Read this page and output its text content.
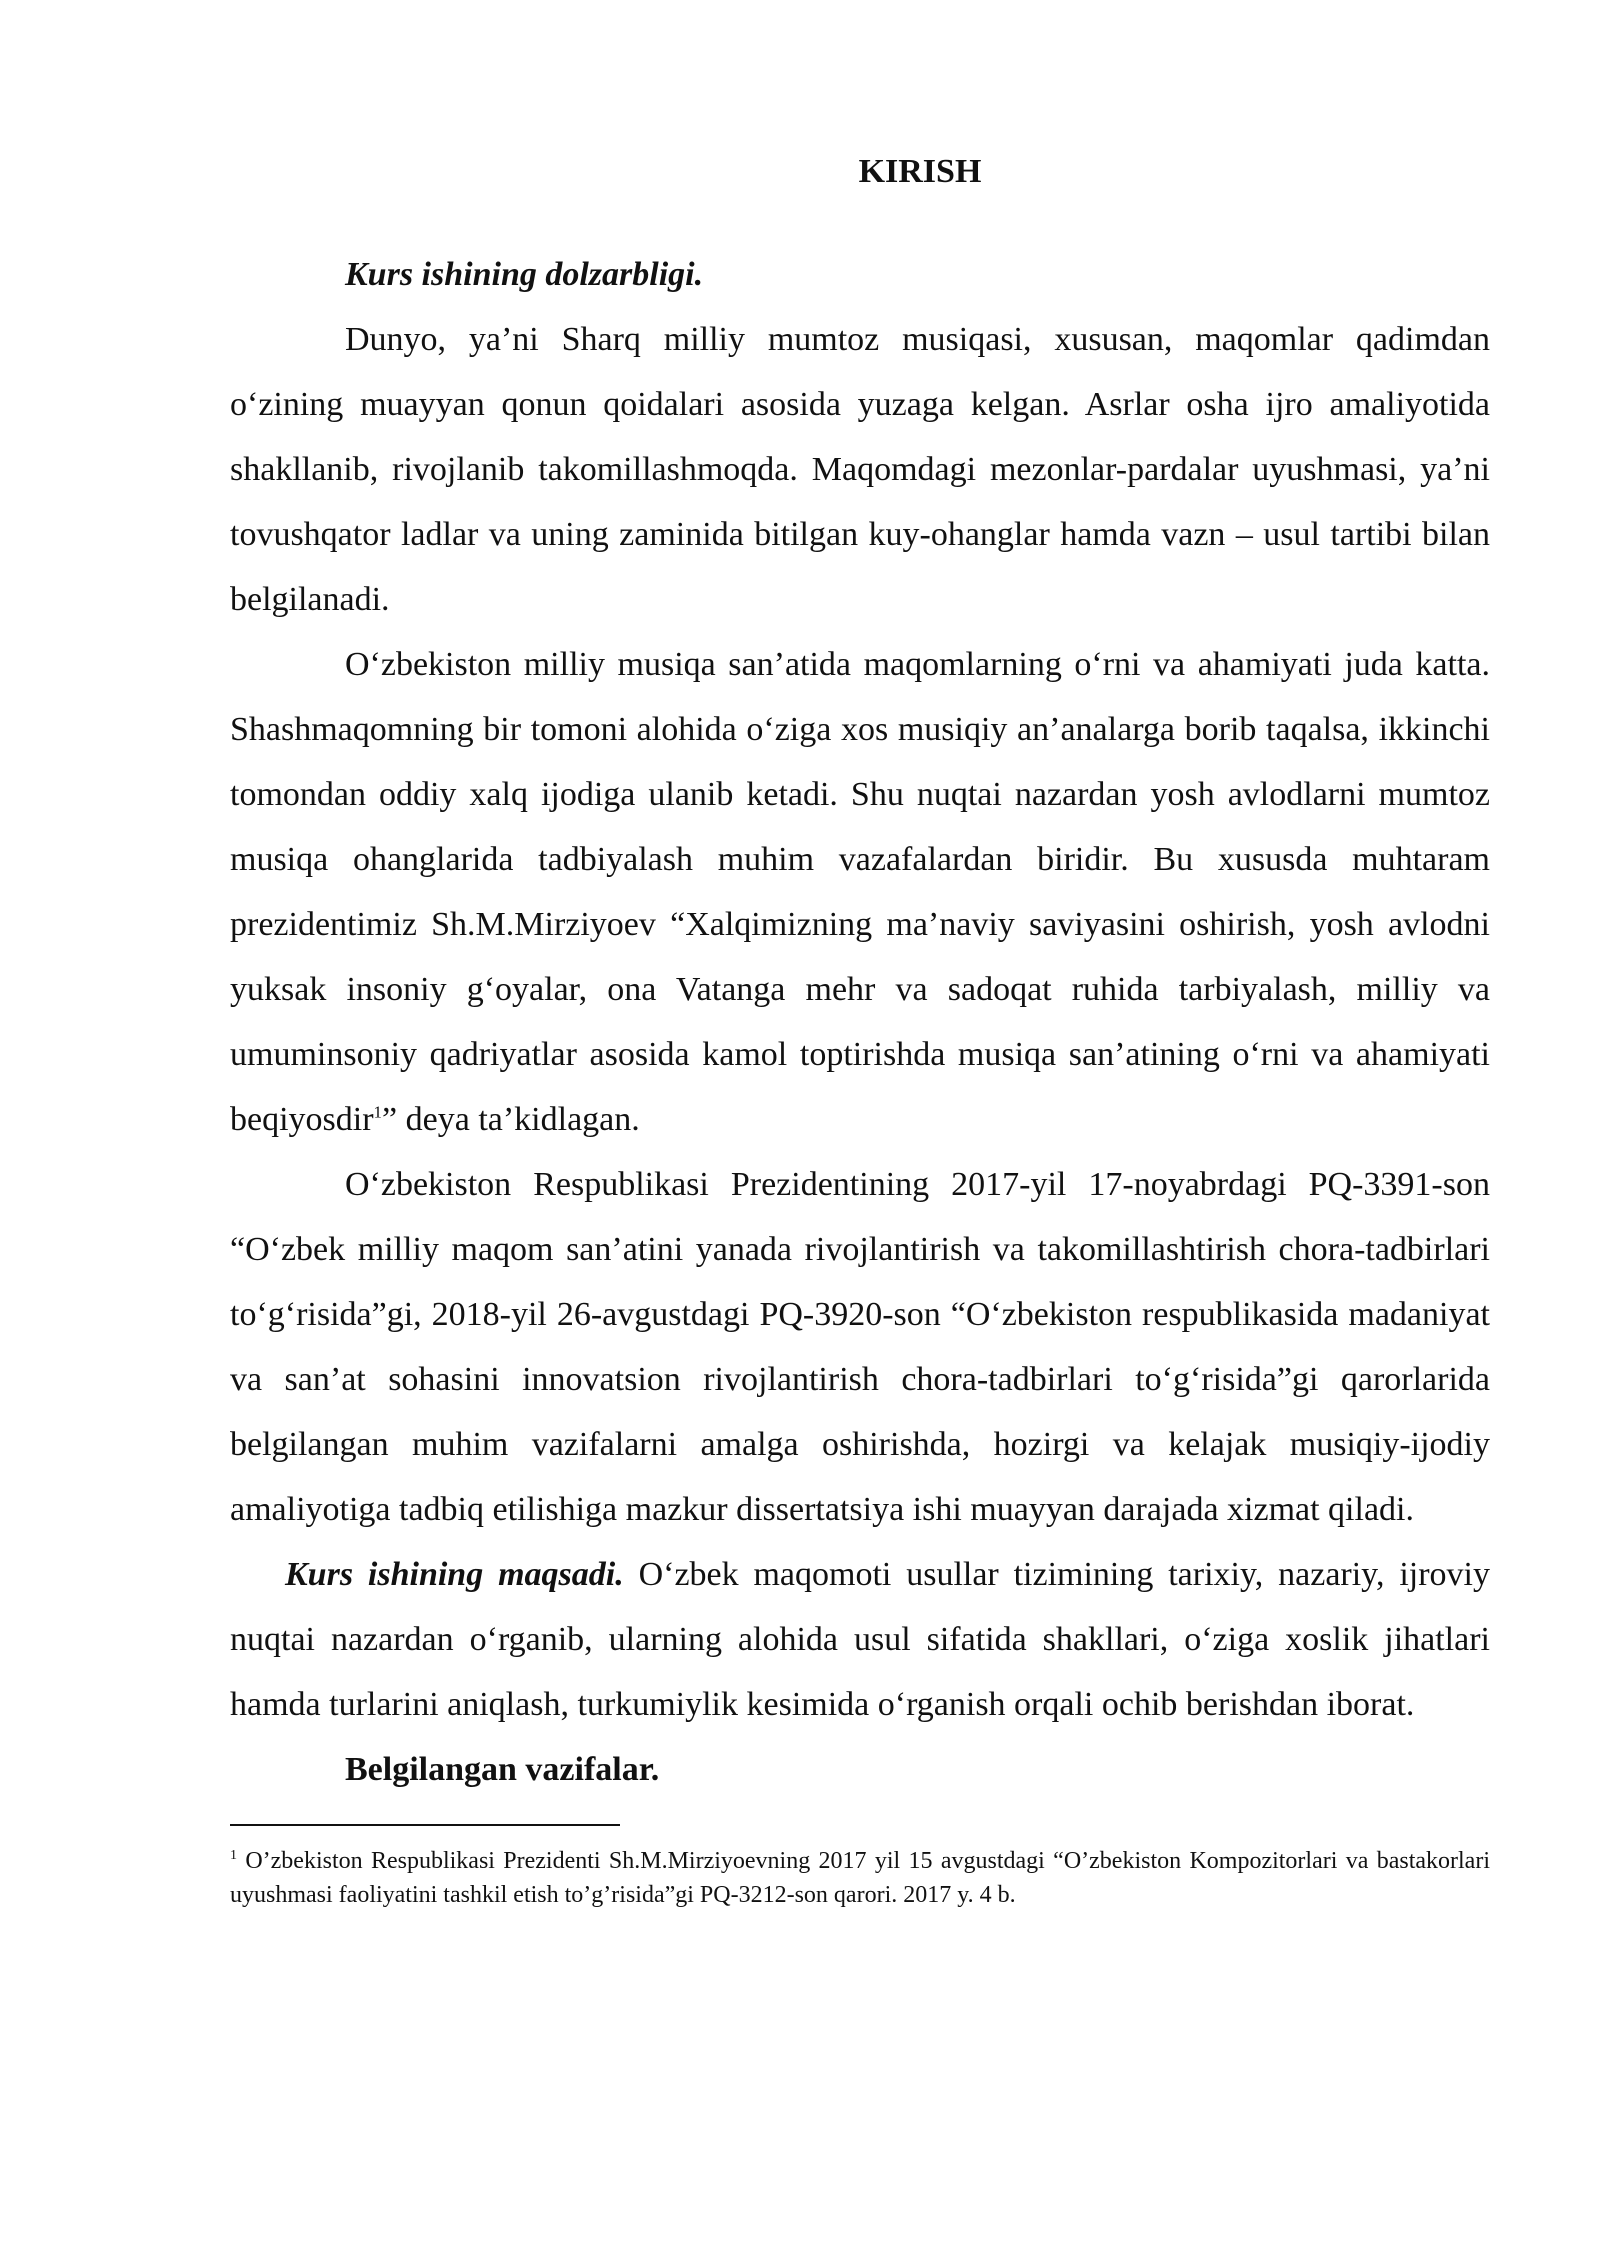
KIRISH

Kurs ishining dolzarbligi.

Dunyo, ya’ni Sharq milliy mumtoz musiqasi, xususan, maqomlar qadimdan o‘zining muayyan qonun qoidalari asosida yuzaga kelgan. Asrlar osha ijro amaliyotida shakllanib, rivojlanib takomillashmoqda. Maqomdagi mezonlar-pardalar uyushmasi, ya’ni tovushqator ladlar va uning zaminida bitilgan kuy-ohanglar hamda vazn – usul tartibi bilan belgilanadi.

O‘zbekiston milliy musiqa san’atida maqomlarning o‘rni va ahamiyati juda katta. Shashmaqomning bir tomoni alohida o‘ziga xos musiqiy an’analarga borib taqalsa, ikkinchi tomondan oddiy xalq ijodiga ulanib ketadi. Shu nuqtai nazardan yosh avlodlarni mumtoz musiqa ohanglarida tadbiyalash muhim vazafalardan biridir. Bu xususda muhtaram prezidentimiz Sh.M.Mirziyoev “Xalqimizning ma’naviy saviyasini oshirish, yosh avlodni yuksak insoniy g‘oyalar, ona Vatanga mehr va sadoqat ruhida tarbiyalash, milliy va umuminsoniy qadriyatlar asosida kamol toptirishda musiqa san’atining o‘rni va ahamiyati beqiyosdir$^1$” deya ta’kidlagan.

O‘zbekiston Respublikasi Prezidentining 2017-yil 17-noyabrdagi PQ-3391-son “O‘zbek milliy maqom san’atini yanada rivojlantirish va takomillashtirish chora-tadbirlari to‘g‘risida”gi, 2018-yil 26-avgustdagi PQ-3920-son “O‘zbekiston respublikasida madaniyat va san’at sohasini innovatsion rivojlantirish chora-tadbirlari to‘g‘risida”gi qarorlarida belgilangan muhim vazifalarni amalga oshirishda, hozirgi va kelajak musiqiy-ijodiy amaliyotiga tadbiq etilishiga mazkur dissertatsiya ishi muayyan darajada xizmat qiladi.

Kurs ishining maqsadi. O‘zbek maqomoti usullar tizimining tarixiy, nazariy, ijroviy nuqtai nazardan o‘rganib, ularning alohida usul sifatida shakllari, o‘ziga xoslik jihatlari hamda turlarini aniqlash, turkumiylik kesimida o‘rganish orqali ochib berishdan iborat.

Belgilangan vazifalar.

$^1$ O’zbekiston Respublikasi Prezidenti Sh.M.Mirziyoevning 2017 yil 15 avgustdagi “O’zbekiston Kompozitorlari va bastakorlari uyushmasi faoliyatini tashkil etish to’g’risida”gi PQ-3212-son qarori. 2017 y. 4 b.
